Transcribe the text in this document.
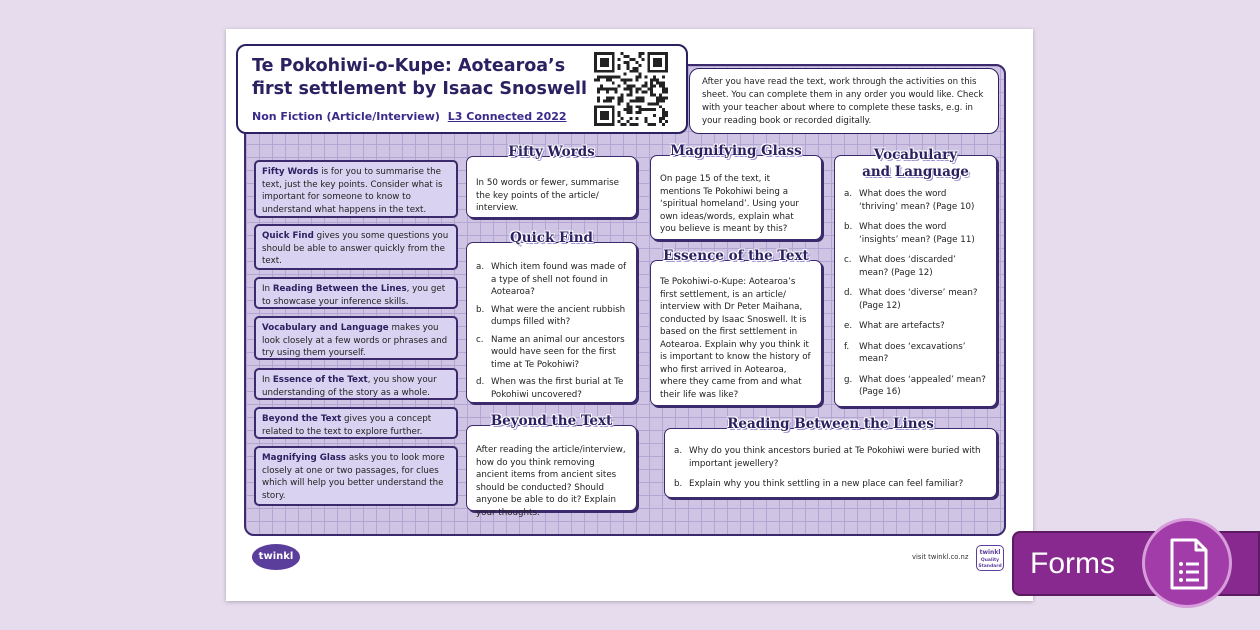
Te Pokohiwi-o-Kupe: Aotearoa’s
first settlement by Isaac Snoswell
Non Fiction (Article/Interview) L3 Connected 2022
After you have read the text, work through the activities on this sheet. You can complete them in any order you would like. Check with your teacher about where to complete these tasks, e.g. in your reading book or recorded digitally.
Fifty Words is for you to summarise the text, just the key points. Consider what is important for someone to know to understand what happens in the text.
Quick Find gives you some questions you should be able to answer quickly from the text.
In Reading Between the Lines, you get to showcase your inference skills.
Vocabulary and Language makes you look closely at a few words or phrases and try using them yourself.
In Essence of the Text, you show your understanding of the story as a whole.
Beyond the Text gives you a concept related to the text to explore further.
Magnifying Glass asks you to look more closely at one or two passages, for clues which will help you better understand the story.
Fifty Words
In 50 words or fewer, summarise the key points of the article/ interview.
Quick Find
a. Which item found was made of a type of shell not found in Aotearoa?
b. What were the ancient rubbish dumps filled with?
c. Name an animal our ancestors would have seen for the first time at Te Pokohiwi?
d. When was the first burial at Te Pokohiwi uncovered?
Beyond the Text
After reading the article/interview, how do you think removing ancient items from ancient sites should be conducted? Should anyone be able to do it? Explain your thoughts.
Magnifying Glass
On page 15 of the text, it mentions Te Pokohiwi being a ‘spiritual homeland’. Using your own ideas/words, explain what you believe is meant by this?
Essence of the Text
Te Pokohiwi-o-Kupe: Aotearoa’s first settlement, is an article/ interview with Dr Peter Maihana, conducted by Isaac Snoswell. It is based on the first settlement in Aotearoa. Explain why you think it is important to know the history of who first arrived in Aotearoa, where they came from and what their life was like?
Vocabulary
and Language
a. What does the word ‘thriving’ mean? (Page 10)
b. What does the word ‘insights’ mean? (Page 11)
c. What does ‘discarded’ mean? (Page 12)
d. What does ‘diverse’ mean? (Page 12)
e. What are artefacts?
f.	What does ‘excavations’ mean?
g. What does ‘appealed’ mean? (Page 16)
Reading Between the Lines
a. Why do you think ancestors buried at Te Pokohiwi were buried with important jewellery?
b. Explain why you think settling in a new place can feel familiar?
twinkl	visit twinkl.co.nz
twinkl
Quality Standard Forms
